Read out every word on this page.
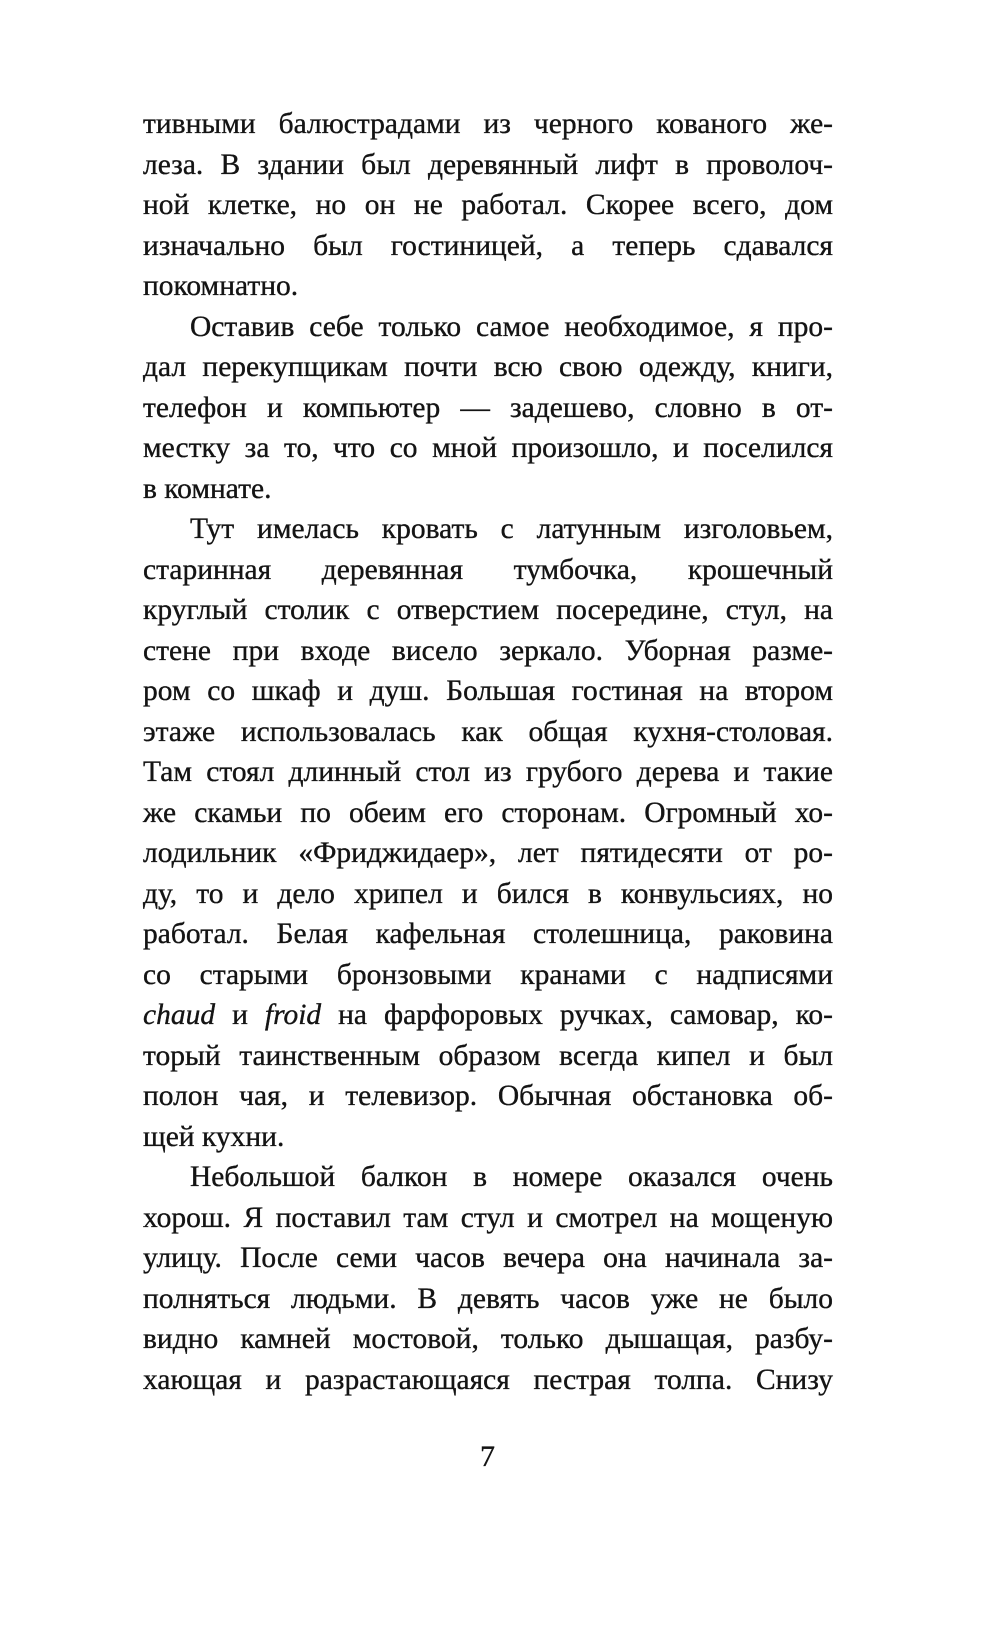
тивными балюстрадами из черного кованого же-
леза. В здании был деревянный лифт в проволоч-
ной клетке, но он не работал. Скорее всего, дом
изначально был гостиницей, а теперь сдавался
покомнатно.
Оставив себе только самое необходимое, я про-
дал перекупщикам почти всю свою одежду, книги,
телефон и компьютер — задешево, словно в от-
местку за то, что со мной произошло, и поселился
в комнате.
Тут имелась кровать с латунным изголовьем,
старинная деревянная тумбочка, крошечный
круглый столик с отверстием посередине, стул, на
стене при входе висело зеркало. Уборная разме-
ром со шкаф и душ. Большая гостиная на втором
этаже использовалась как общая кухня-столовая.
Там стоял длинный стол из грубого дерева и такие
же скамьи по обеим его сторонам. Огромный хо-
лодильник «Фриджидаер», лет пятидесяти от ро-
ду, то и дело хрипел и бился в конвульсиях, но
работал. Белая кафельная столешница, раковина
со старыми бронзовыми кранами с надписями
chaud и froid на фарфоровых ручках, самовар, ко-
торый таинственным образом всегда кипел и был
полон чая, и телевизор. Обычная обстановка об-
щей кухни.
Небольшой балкон в номере оказался очень
хорош. Я поставил там стул и смотрел на мощеную
улицу. После семи часов вечера она начинала за-
полняться людьми. В девять часов уже не было
видно камней мостовой, только дышащая, разбу-
хающая и разрастающаяся пестрая толпа. Снизу
7
